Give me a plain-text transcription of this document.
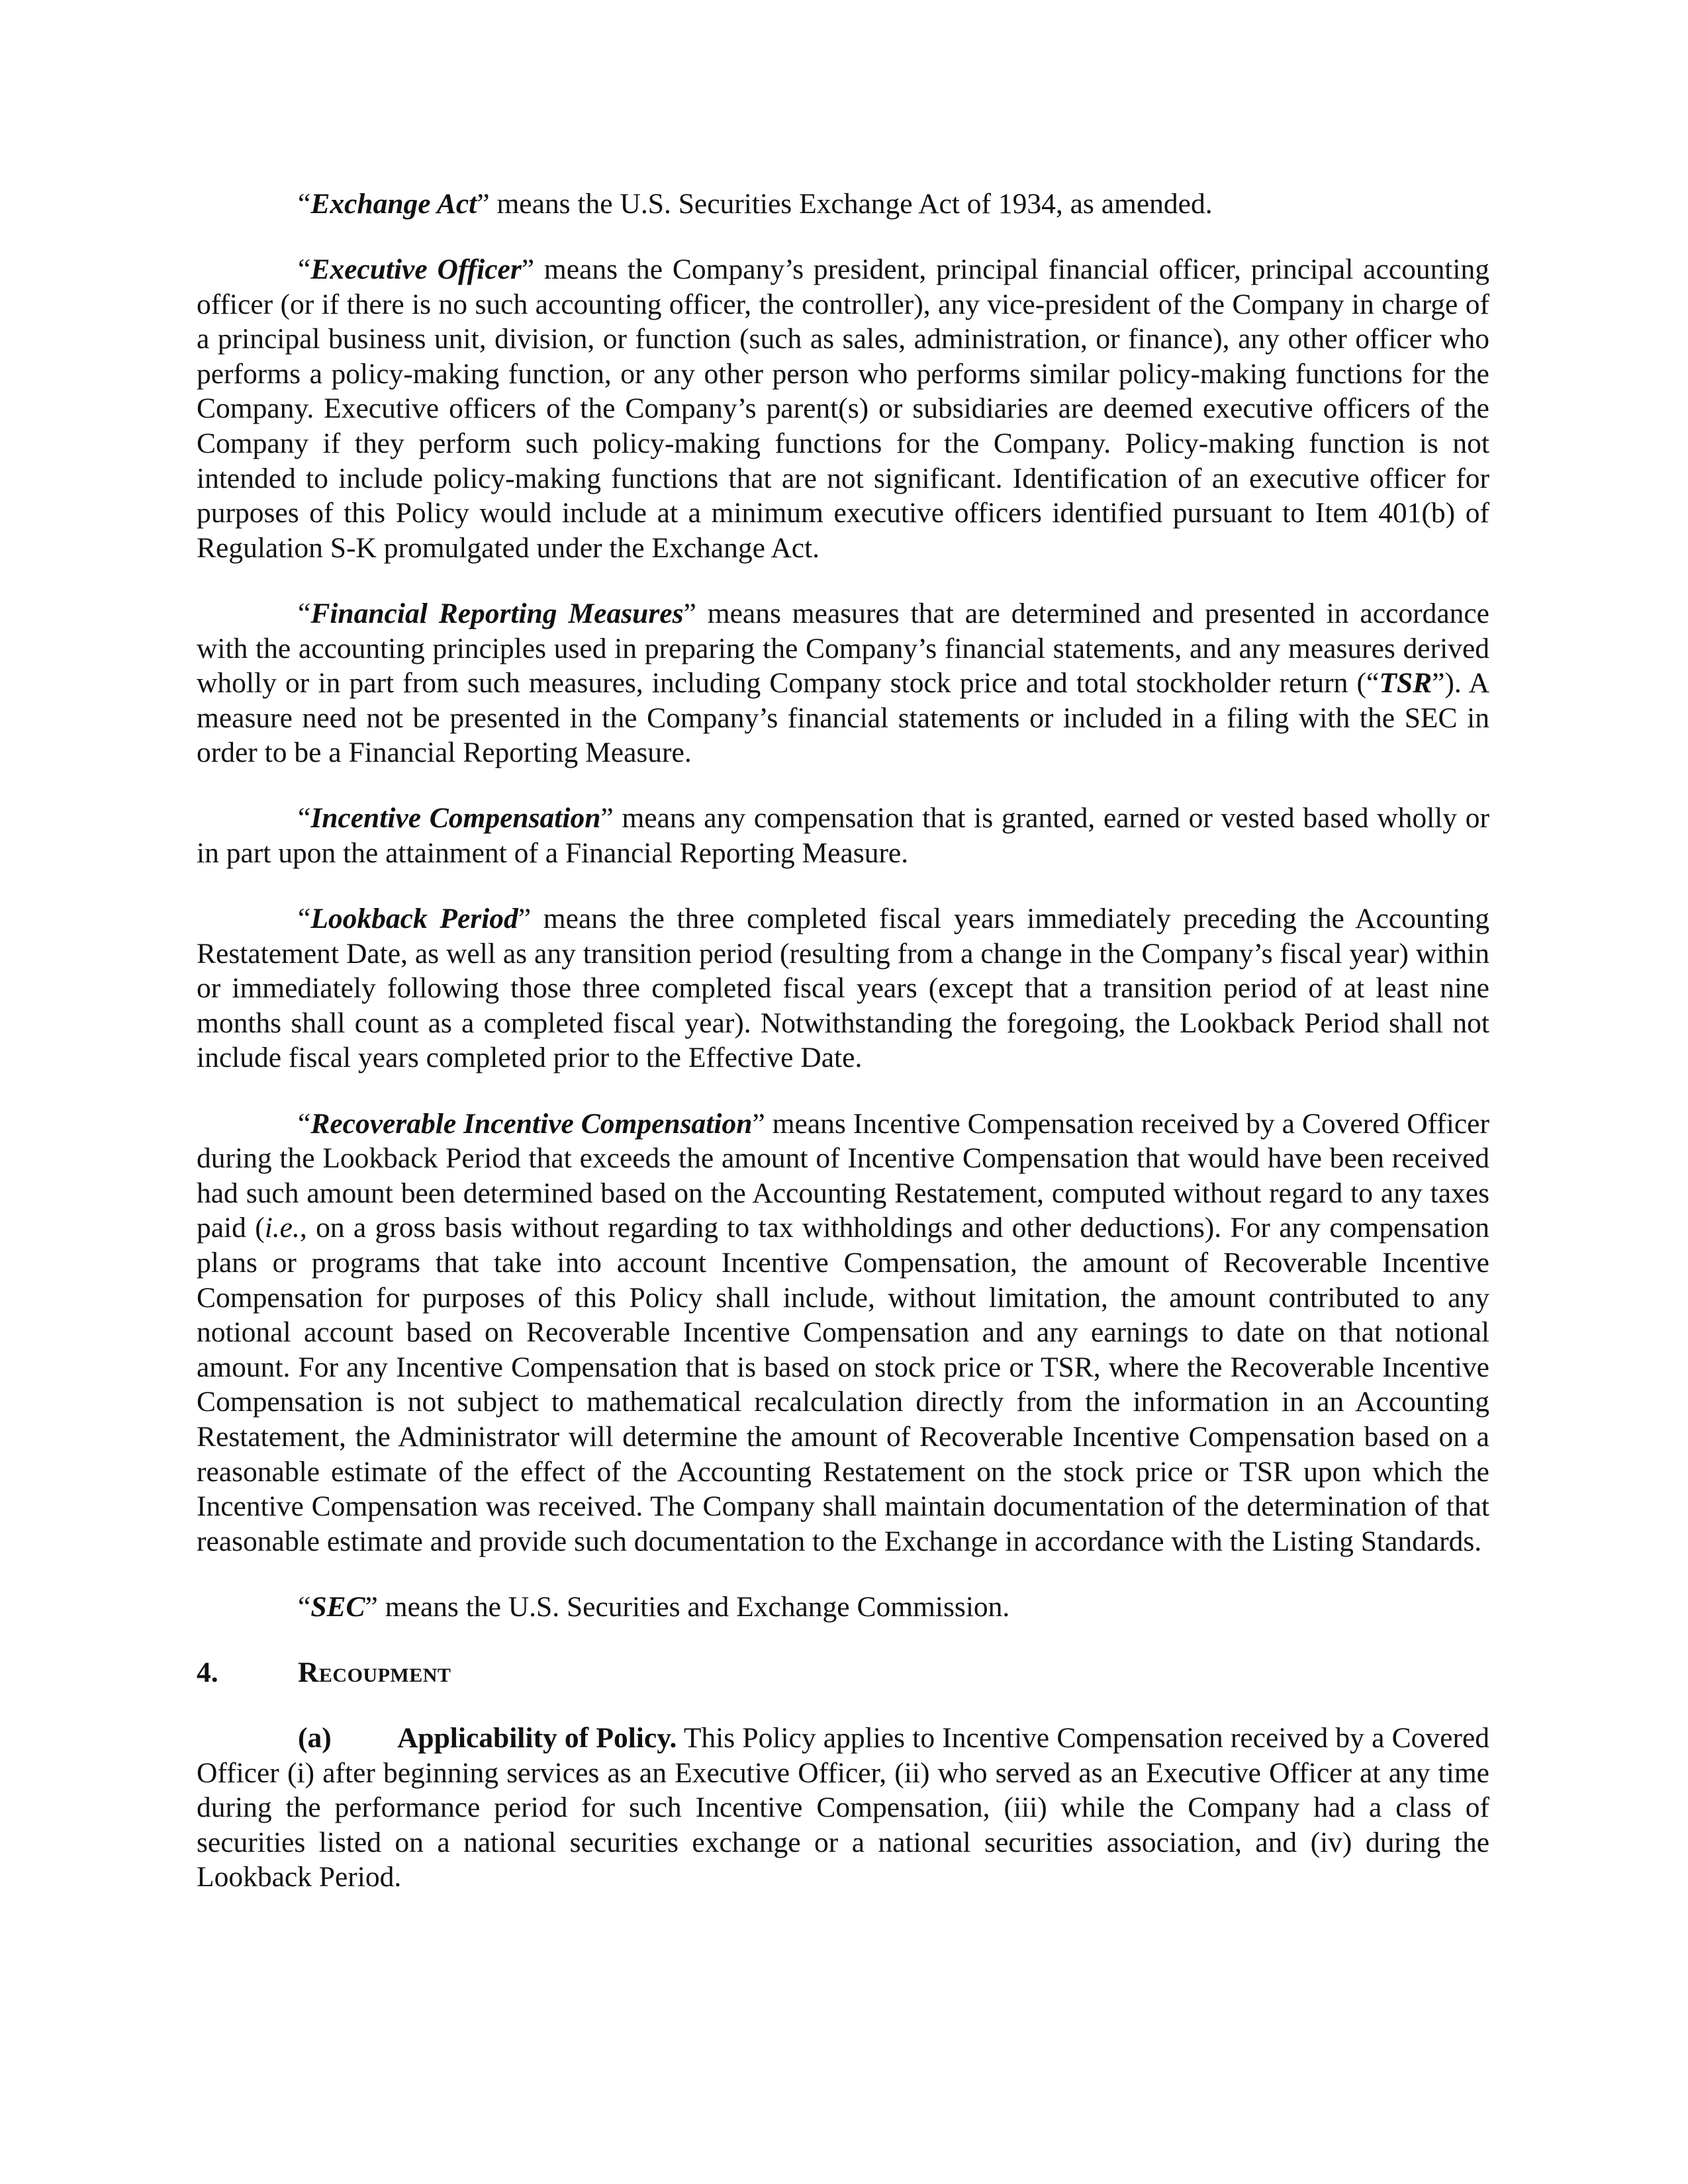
“Exchange Act” means the U.S. Securities Exchange Act of 1934, as amended.

“Executive Officer” means the Company’s president, principal financial officer, principal accounting officer (or if there is no such accounting officer, the controller), any vice-president of the Company in charge of a principal business unit, division, or function (such as sales, administration, or finance), any other officer who performs a policy-making function, or any other person who performs similar policy-making functions for the Company. Executive officers of the Company’s parent(s) or subsidiaries are deemed executive officers of the Company if they perform such policy-making functions for the Company. Policy-making function is not intended to include policy-making functions that are not significant. Identification of an executive officer for purposes of this Policy would include at a minimum executive officers identified pursuant to Item 401(b) of Regulation S-K promulgated under the Exchange Act.

“Financial Reporting Measures” means measures that are determined and presented in accordance with the accounting principles used in preparing the Company’s financial statements, and any measures derived wholly or in part from such measures, including Company stock price and total stockholder return (“TSR”). A measure need not be presented in the Company’s financial statements or included in a filing with the SEC in order to be a Financial Reporting Measure.

“Incentive Compensation” means any compensation that is granted, earned or vested based wholly or in part upon the attainment of a Financial Reporting Measure.

“Lookback Period” means the three completed fiscal years immediately preceding the Accounting Restatement Date, as well as any transition period (resulting from a change in the Company’s fiscal year) within or immediately following those three completed fiscal years (except that a transition period of at least nine months shall count as a completed fiscal year). Notwithstanding the foregoing, the Lookback Period shall not include fiscal years completed prior to the Effective Date.

“Recoverable Incentive Compensation” means Incentive Compensation received by a Covered Officer during the Lookback Period that exceeds the amount of Incentive Compensation that would have been received had such amount been determined based on the Accounting Restatement, computed without regard to any taxes paid (i.e., on a gross basis without regarding to tax withholdings and other deductions). For any compensation plans or programs that take into account Incentive Compensation, the amount of Recoverable Incentive Compensation for purposes of this Policy shall include, without limitation, the amount contributed to any notional account based on Recoverable Incentive Compensation and any earnings to date on that notional amount. For any Incentive Compensation that is based on stock price or TSR, where the Recoverable Incentive Compensation is not subject to mathematical recalculation directly from the information in an Accounting Restatement, the Administrator will determine the amount of Recoverable Incentive Compensation based on a reasonable estimate of the effect of the Accounting Restatement on the stock price or TSR upon which the Incentive Compensation was received. The Company shall maintain documentation of the determination of that reasonable estimate and provide such documentation to the Exchange in accordance with the Listing Standards.

“SEC” means the U.S. Securities and Exchange Commission.

4.	Recoupment

(a) Applicability of Policy. This Policy applies to Incentive Compensation received by a Covered Officer (i) after beginning services as an Executive Officer, (ii) who served as an Executive Officer at any time during the performance period for such Incentive Compensation, (iii) while the Company had a class of securities listed on a national securities exchange or a national securities association, and (iv) during the Lookback Period.
